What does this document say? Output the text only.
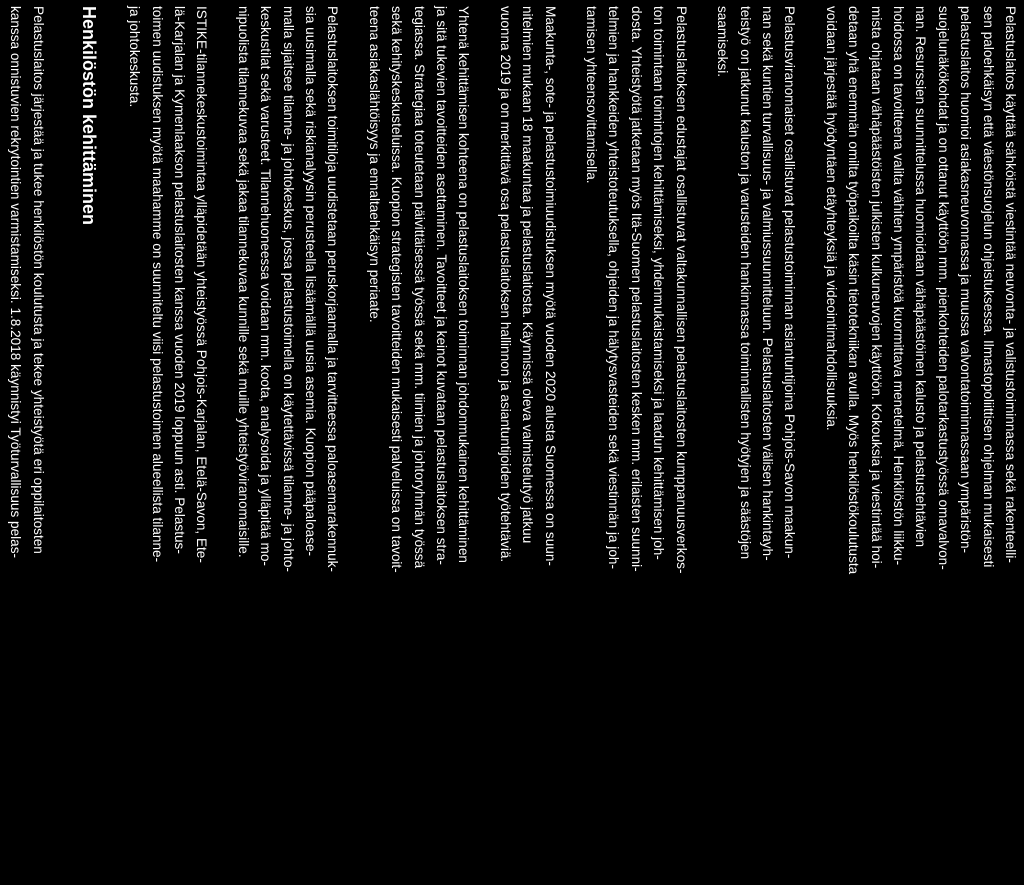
Pelastuslaitos käyttää sähköistä viestintää neuvonta- ja valistustoiminnassa sekä rakenteelli-
sen paloehkäisyn että väestönsuojelun ohjeistuksessa. Ilmastopoliittisen ohjelman mukaisesti
pelastuslaitos huomioi asiakasneuvonnassa ja muussa valvontatoiminnassaan ympäristön-
suojelunäkökohdat ja on ottanut käyttöön mm. pienkohteiden palotarkastustyössä omavalvon-
nan. Resurssien suunnittelussa huomioidaan vähäpäästöinen kalusto ja pelastustehtävien
hoidossa on tavoitteena valita vähiten ympäristöä kuormittava menetelmä. Henkilöstön liikku-
mista ohjataan vähäpäästöisten julkisten kulkuneuvojen käyttöön. Kokouksia ja viestintää hoi-
detaan yhä enemmän omilta työpaikoilta käsin tietotekniikan avulla. Myös henkilöstökoulutusta
voidaan järjestää hyödyntäen etäyhteyksiä ja videointimahdollisuuksia.

Pelastusviranomaiset osallistuvat pelastustoiminnan asiantuntijoina Pohjois-Savon maakun-
nan sekä kuntien turvallisuus- ja valmiussuunnitteluun. Pelastuslaitosten välisen hankintayh-
teistyö on jatkunut kaluston ja varusteiden hankinnassa toiminnallisten hyötyjen ja säästöjen
saamiseksi.

Pelastuslaitoksen edustajat osallistuvat valtakunnallisen pelastuslaitosten kumppanuusverkos-
ton toimintaan toimintojen kehittämiseksi, yhdenmukaistamiseksi ja laadun kehittämisen joh-
dosta. Yhteistyötä jatketaan myös Itä-Suomen pelastuslaitosten kesken mm. erilaisten suunni-
telmien ja hankkeiden yhteistoteutuksella, ohjeiden ja hälytysvasteiden sekä viestinnän ja joh-
tamisen yhteensovittamisella.

Maakunta-, sote- ja pelastustoimiuudistuksen myötä vuoden 2020 alusta Suomessa on suun-
nitelmien mukaan 18 maakuntaa ja pelastuslaitosta. Käynnissä oleva valmistelutyö jatkuu
vuonna 2019 ja on merkittävä osa pelastuslaitoksen hallinnon ja asiantuntijoiden työtehtäviä.

Yhtenä kehittämisen kohteena on pelastuslaitoksen toiminnan johdonmukainen kehittäminen
ja sitä tukevien tavoitteiden asettaminen. Tavoitteet ja keinot kuvataan pelastuslaitoksen stra-
tegiassa. Strategiaa toteutetaan päivittäisessä työssä sekä mm. tiimien ja johtoryhmän työssä
sekä kehityskeskusteluissa. Kuopion strategisten tavoitteiden mukaisesti palveluissa on tavoit-
teena asiakaslähtöisyys ja ennaltaehkäisyn periaate.

Pelastuslaitoksen toimitiloja uudistetaan peruskorjaamalla ja tarvittaessa paloasemarakennuk-
sia uusimalla sekä riskianalyysin perusteella lisäämällä uusia asemia. Kuopion pääpaloase-
malla sijaitsee tilanne- ja johtokeskus, jossa pelastustoimella on käytettävissä tilanne- ja johto-
keskustilat sekä varusteet. Tilannehuoneessa voidaan mm. koota, analysoida ja ylläpitää mo-
nipuolista tilannekuvaa sekä jakaa tilannekuvaa kunnille sekä muille yhteistyöviranomaisille.

ISTIKE-tilannekeskustoimintaa ylläpidetään yhteistyössä Pohjois-Karjalan, Etelä-Savon, Ete-
lä-Karjalan ja Kymenlaakson pelastuslaitosten kanssa vuoden 2019 loppuun asti. Pelastus-
toimen uudistuksen myötä maahamme on suunniteltu viisi pelastustoimen alueellista tilanne-
ja johtokeskusta.

Henkilöstön kehittäminen

Pelastuslaitos järjestää ja tukee henkilöstön koulutusta ja tekee yhteistyötä eri oppilaitosten
kanssa onnistuvien rekrytointien varmistamiseksi. 1.8.2018 käynnistyi Työturvallisuus pelas-
